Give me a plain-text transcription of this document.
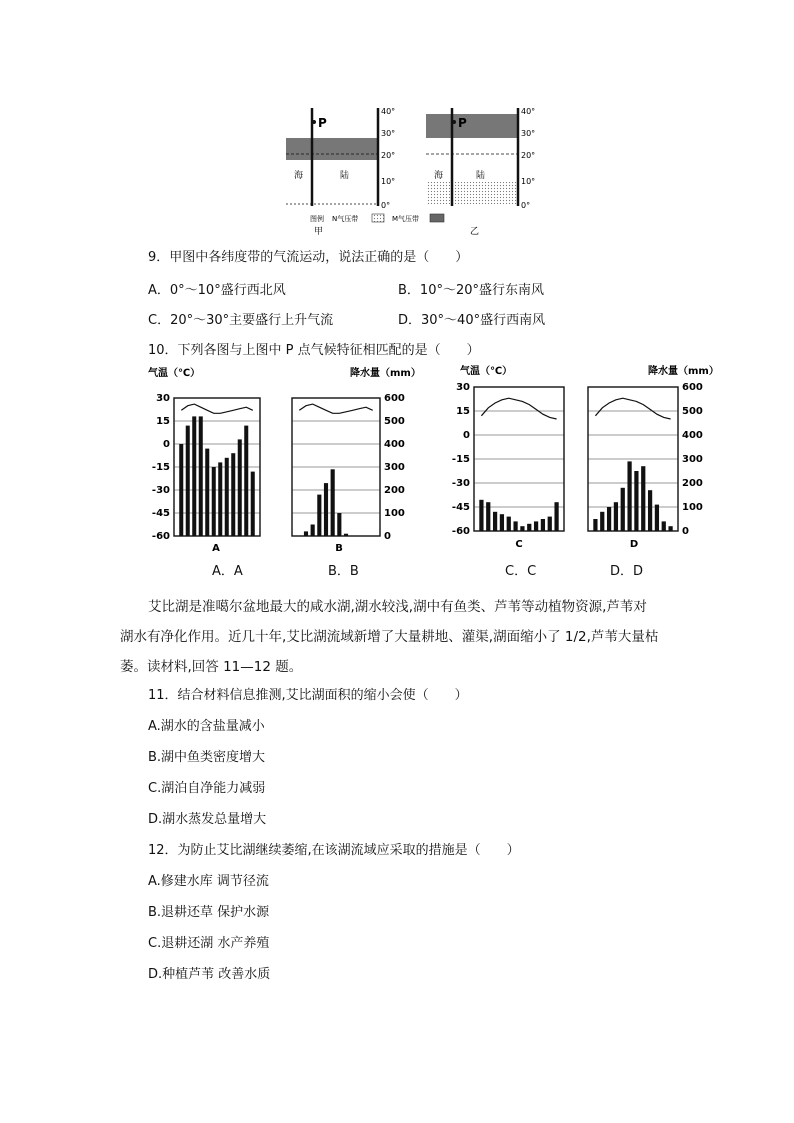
P
海	陆
40°
30°
20°
10°
0°
图例 N气压带	M气压带
甲
P
海	陆
40°
30°
20°
10°
0°
乙
9．甲图中各纬度带的气流运动，说法正确的是（　　）
A．0°～10°盛行西北风	B．10°～20°盛行东南风
C．20°～30°主要盛行上升气流	D．30°～40°盛行西南风
10．下列各图与上图中 P 点气候特征相匹配的是（　　）
气温（℃）	降水量（mm）	气温（℃）	降水量（mm）
30
15
0
-15
-30
-45
-60
600
500
400
300
200
100
0
30
15
0
-15
-30
-45
-60
600
500
400
300
200
100
0
A	B	C	D
A．A	B．B	C．C	D．D
艾比湖是准噶尔盆地最大的咸水湖,湖水较浅,湖中有鱼类、芦苇等动植物资源,芦苇对湖水有净化作用。近几十年,艾比湖流域新增了大量耕地、灌渠,湖面缩小了 1/2,芦苇大量枯萎。读材料,回答 11—12 题。
11．结合材料信息推测,艾比湖面积的缩小会使（　　）
A.湖水的含盐量减小
B.湖中鱼类密度增大
C.湖泊自净能力减弱
D.湖水蒸发总量增大
12．为防止艾比湖继续萎缩,在该湖流域应采取的措施是（　　）
A.修建水库 调节径流
B.退耕还草 保护水源
C.退耕还湖 水产养殖
D.种植芦苇 改善水质
